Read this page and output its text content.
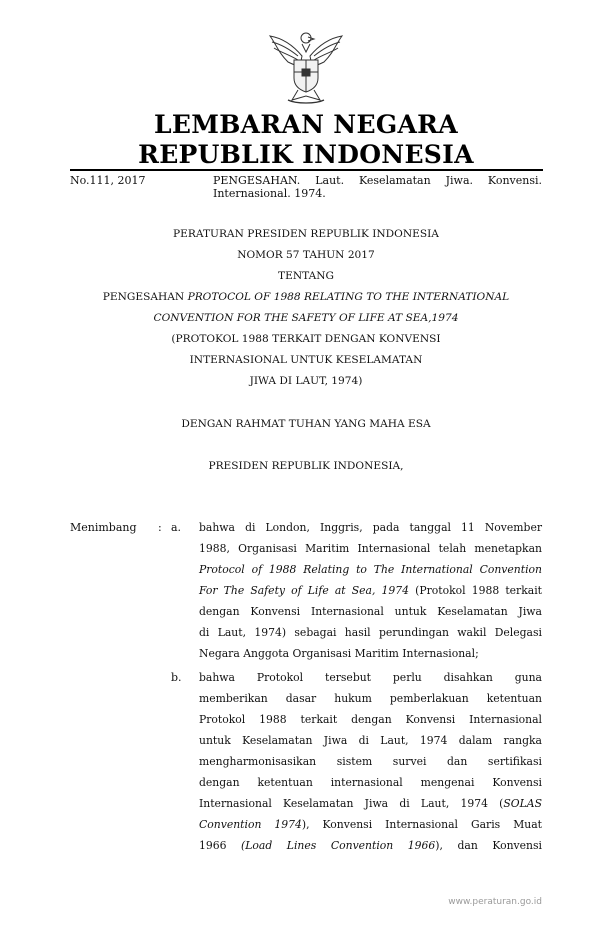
LEMBARAN NEGARA
REPUBLIK INDONESIA
No.111, 2017	PENGESAHAN. Laut. Keselamatan Jiwa. Konvensi. Internasional. 1974.
PERATURAN PRESIDEN REPUBLIK INDONESIA
NOMOR 57 TAHUN 2017
TENTANG
PENGESAHAN PROTOCOL OF 1988 RELATING TO THE INTERNATIONAL
CONVENTION FOR THE SAFETY OF LIFE AT SEA,1974
(PROTOKOL 1988 TERKAIT DENGAN KONVENSI
INTERNASIONAL UNTUK KESELAMATAN
JIWA DI LAUT, 1974)
DENGAN RAHMAT TUHAN YANG MAHA ESA
PRESIDEN REPUBLIK INDONESIA,
Menimbang : a.
b.
bahwa di London, Inggris, pada tanggal 11 November
1988, Organisasi Maritim Internasional telah menetapkan
Protocol of 1988 Relating to The International Convention
For The Safety of Life at Sea, 1974 (Protokol 1988 terkait
dengan Konvensi Internasional untuk Keselamatan Jiwa
di Laut, 1974) sebagai hasil perundingan wakil Delegasi
Negara Anggota Organisasi Maritim Internasional;
bahwa Protokol tersebut perlu disahkan guna
memberikan dasar hukum pemberlakuan ketentuan
Protokol 1988 terkait dengan Konvensi Internasional
untuk Keselamatan Jiwa di Laut, 1974 dalam rangka
mengharmonisasikan sistem survei dan sertifikasi
dengan ketentuan internasional mengenai Konvensi
Internasional Keselamatan Jiwa di Laut, 1974 (SOLAS
Convention 1974), Konvensi Internasional Garis Muat
1966 (Load Lines Convention 1966), dan Konvensi
www.peraturan.go.id
